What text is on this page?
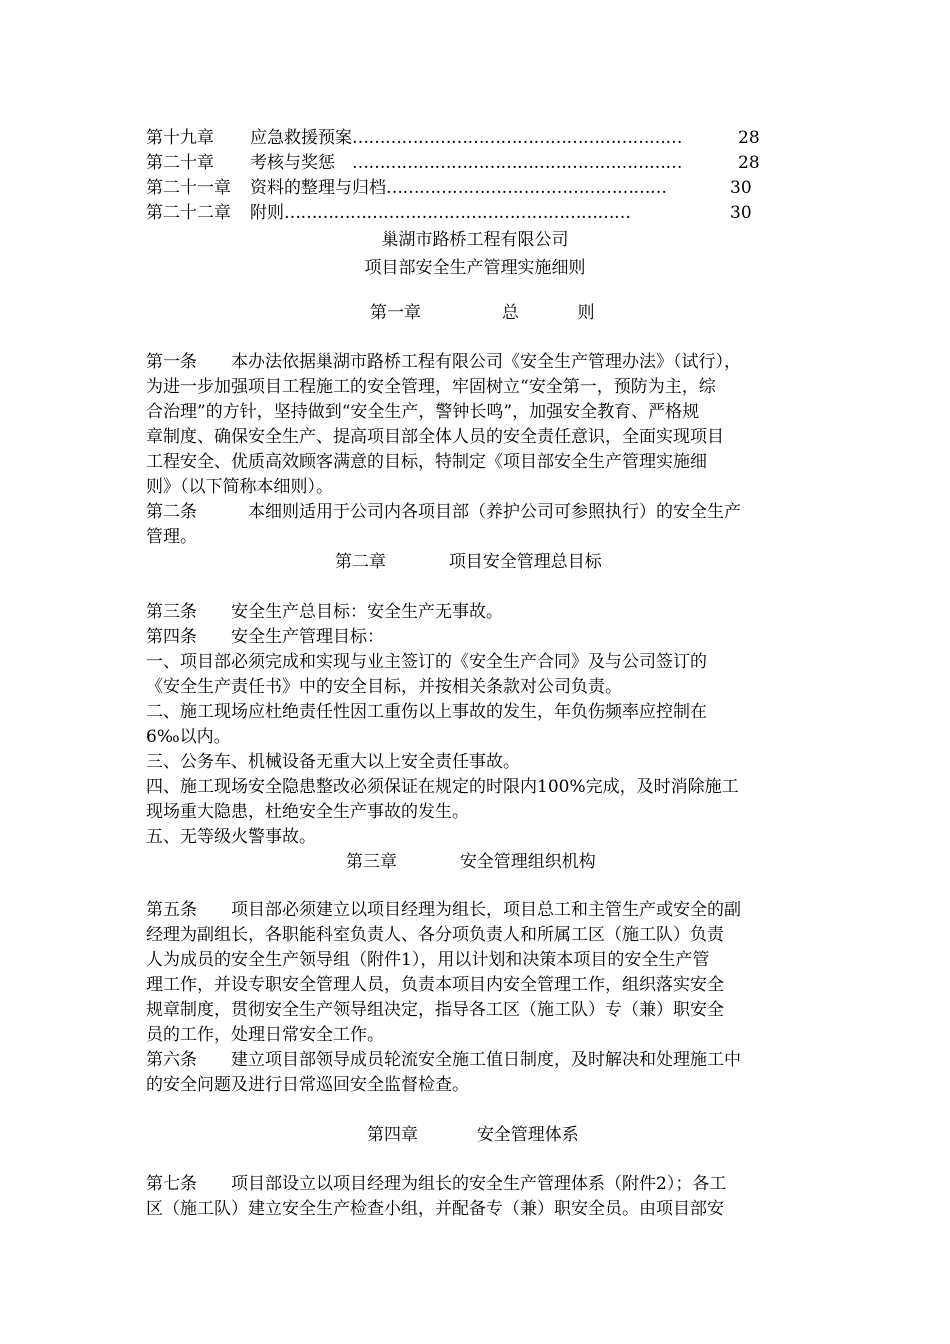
第十九章 应急救援预案 ……………………………………………………	28
第二十章 考核与奖惩 ……………………………………………………	28
第二十一章 资料的整理与归档 ……………………………………………	30
第二十二章 附则 ………………………………………………………	30
巢湖市路桥工程有限公司
项目部安全生产管理实施细则
第一章	总	则
第一条　　本办法依据巢湖市路桥工程有限公司《安全生产管理办法》（试行），
为进一步加强项目工程施工的安全管理，牢固树立“安全第一，预防为主，综
合治理”的方针，坚持做到“安全生产，警钟长鸣”，加强安全教育、严格规
章制度、确保安全生产、提高项目部全体人员的安全责任意识，全面实现项目
工程安全、优质高效顾客满意的目标，特制定《项目部安全生产管理实施细
则》（以下简称本细则）。
第二条　　　本细则适用于公司内各项目部（养护公司可参照执行）的安全生产
管理。
第二章	项目安全管理总目标
第三条　　安全生产总目标：安全生产无事故。
第四条　　安全生产管理目标：
一、项目部必须完成和实现与业主签订的《安全生产合同》及与公司签订的
《安全生产责任书》中的安全目标，并按相关条款对公司负责。
二、施工现场应杜绝责任性因工重伤以上事故的发生，年负伤频率应控制在
6‰以内。
三、公务车、机械设备无重大以上安全责任事故。
四、施工现场安全隐患整改必须保证在规定的时限内100%完成，及时消除施工
现场重大隐患，杜绝安全生产事故的发生。
五、无等级火警事故。
第三章	安全管理组织机构
第五条　　项目部必须建立以项目经理为组长，项目总工和主管生产或安全的副
经理为副组长，各职能科室负责人、各分项负责人和所属工区（施工队）负责
人为成员的安全生产领导组（附件1），用以计划和决策本项目的安全生产管
理工作，并设专职安全管理人员，负责本项目内安全管理工作，组织落实安全
规章制度，贯彻安全生产领导组决定，指导各工区（施工队）专（兼）职安全
员的工作，处理日常安全工作。
第六条　　建立项目部领导成员轮流安全施工值日制度，及时解决和处理施工中
的安全问题及进行日常巡回安全监督检查。
第四章	安全管理体系
第七条　　项目部设立以项目经理为组长的安全生产管理体系（附件2）；各工
区（施工队）建立安全生产检查小组，并配备专（兼）职安全员。由项目部安
